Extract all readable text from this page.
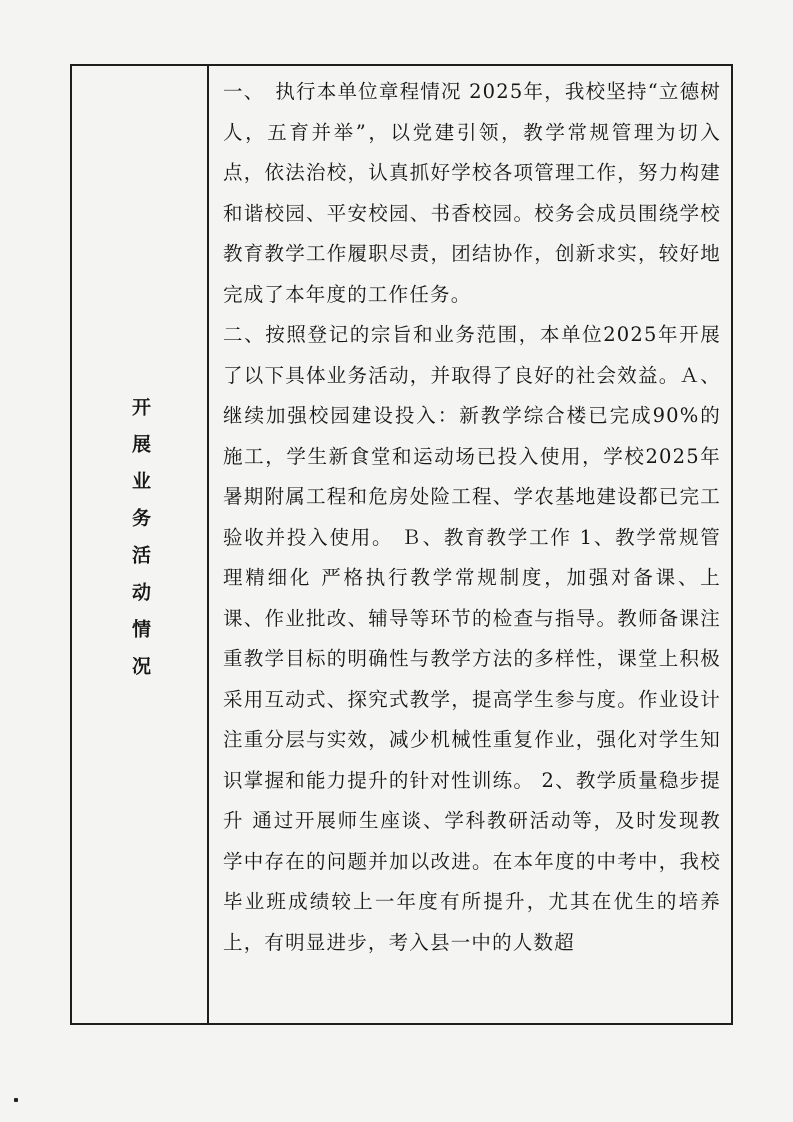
开展业务活动情况

一、　执行本单位章程情况 2025年，我校坚持“立德树人，五育并举”，以党建引领，教学常规管理为切入点，依法治校，认真抓好学校各项管理工作，努力构建和谐校园、平安校园、书香校园。校务会成员围绕学校教育教学工作履职尽责，团结协作，创新求实，较好地完成了本年度的工作任务。

二、按照登记的宗旨和业务范围，本单位2025年开展了以下具体业务活动，并取得了良好的社会效益。Ａ、继续加强校园建设投入：新教学综合楼已完成90%的施工，学生新食堂和运动场已投入使用，学校2025年暑期附属工程和危房处险工程、学农基地建设都已完工验收并投入使用。 Ｂ、教育教学工作 1、教学常规管理精细化 严格执行教学常规制度，加强对备课、上课、作业批改、辅导等环节的检查与指导。教师备课注重教学目标的明确性与教学方法的多样性，课堂上积极采用互动式、探究式教学，提高学生参与度。作业设计注重分层与实效，减少机械性重复作业，强化对学生知识掌握和能力提升的针对性训练。 2、教学质量稳步提升 通过开展师生座谈、学科教研活动等，及时发现教学中存在的问题并加以改进。在本年度的中考中，我校毕业班成绩较上一年度有所提升，尤其在优生的培养上，有明显进步，考入县一中的人数超
